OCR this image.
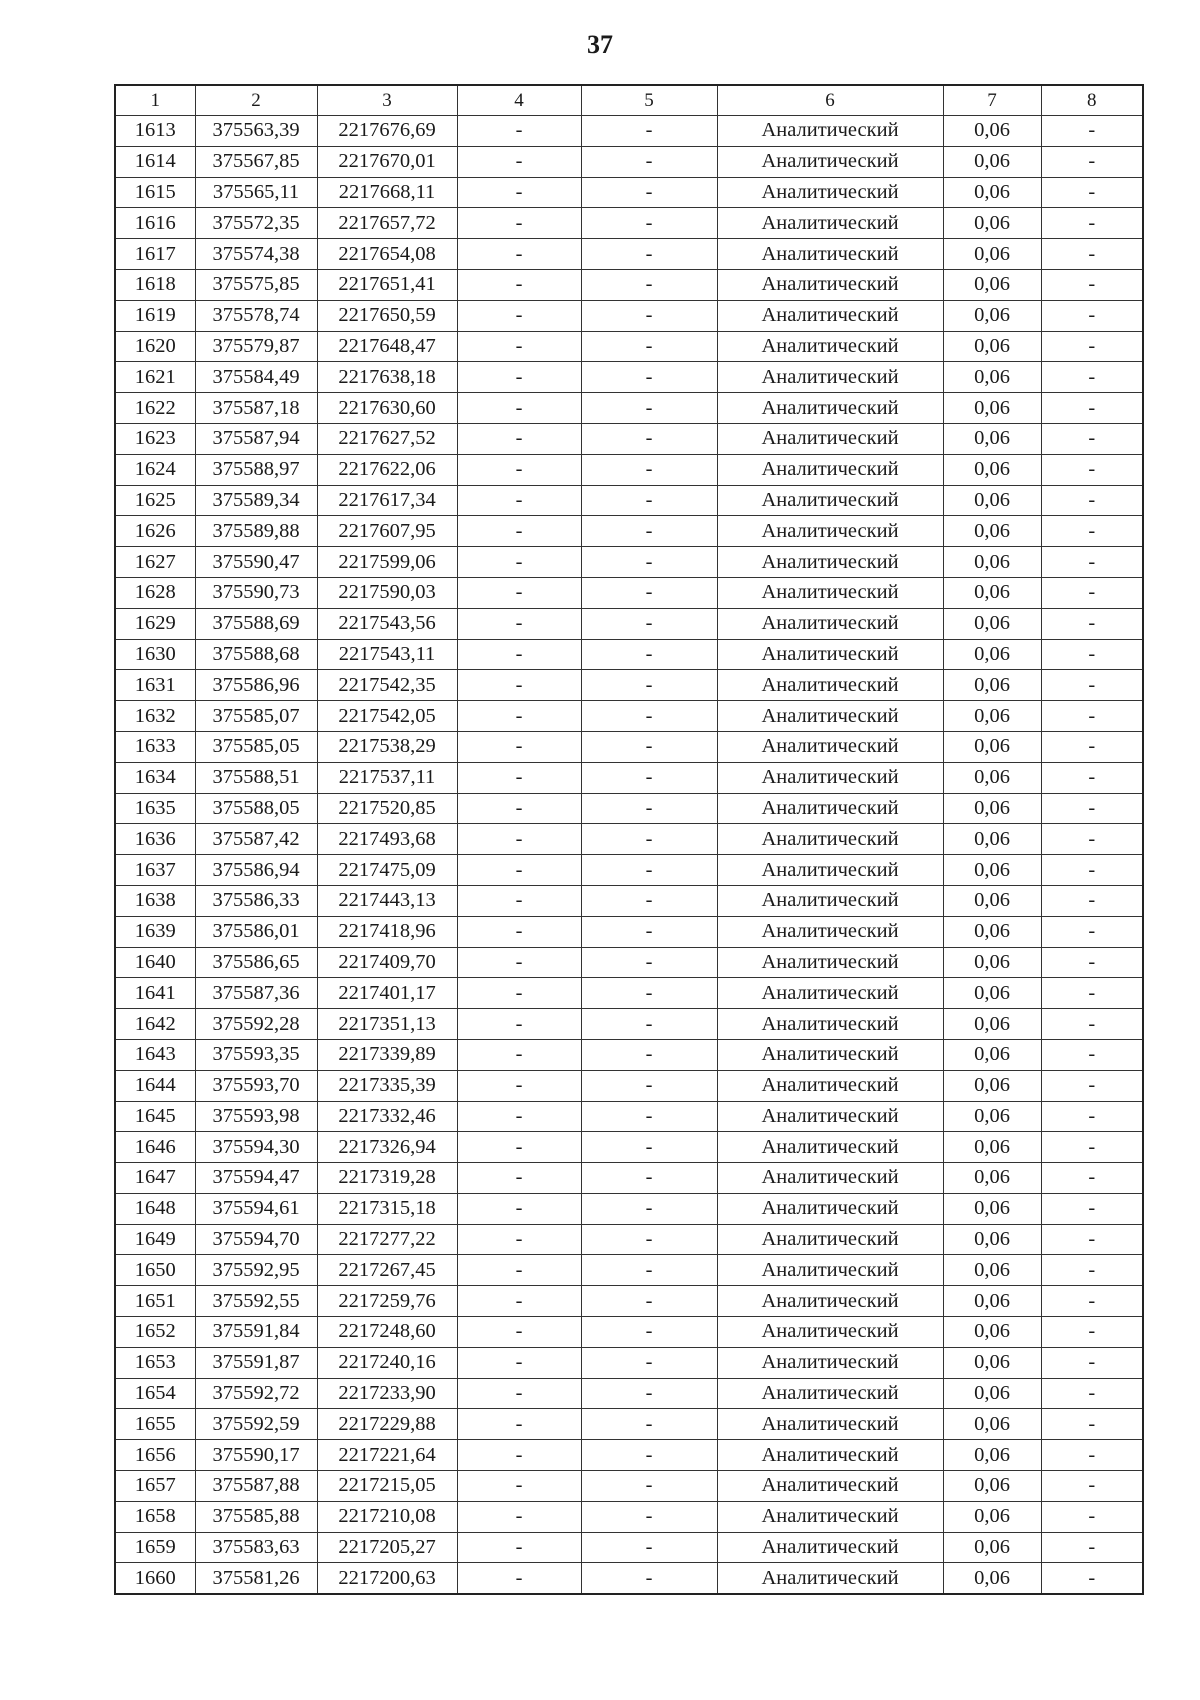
37
1	2	3	4	5	6	7	8
1613	375563,39	2217676,69	-	-	Аналитический	0,06	-
1614	375567,85	2217670,01	-	-	Аналитический	0,06	-
1615	375565,11	2217668,11	-	-	Аналитический	0,06	-
1616	375572,35	2217657,72	-	-	Аналитический	0,06	-
1617	375574,38	2217654,08	-	-	Аналитический	0,06	-
1618	375575,85	2217651,41	-	-	Аналитический	0,06	-
1619	375578,74	2217650,59	-	-	Аналитический	0,06	-
1620	375579,87	2217648,47	-	-	Аналитический	0,06	-
1621	375584,49	2217638,18	-	-	Аналитический	0,06	-
1622	375587,18	2217630,60	-	-	Аналитический	0,06	-
1623	375587,94	2217627,52	-	-	Аналитический	0,06	-
1624	375588,97	2217622,06	-	-	Аналитический	0,06	-
1625	375589,34	2217617,34	-	-	Аналитический	0,06	-
1626	375589,88	2217607,95	-	-	Аналитический	0,06	-
1627	375590,47	2217599,06	-	-	Аналитический	0,06	-
1628	375590,73	2217590,03	-	-	Аналитический	0,06	-
1629	375588,69	2217543,56	-	-	Аналитический	0,06	-
1630	375588,68	2217543,11	-	-	Аналитический	0,06	-
1631	375586,96	2217542,35	-	-	Аналитический	0,06	-
1632	375585,07	2217542,05	-	-	Аналитический	0,06	-
1633	375585,05	2217538,29	-	-	Аналитический	0,06	-
1634	375588,51	2217537,11	-	-	Аналитический	0,06	-
1635	375588,05	2217520,85	-	-	Аналитический	0,06	-
1636	375587,42	2217493,68	-	-	Аналитический	0,06	-
1637	375586,94	2217475,09	-	-	Аналитический	0,06	-
1638	375586,33	2217443,13	-	-	Аналитический	0,06	-
1639	375586,01	2217418,96	-	-	Аналитический	0,06	-
1640	375586,65	2217409,70	-	-	Аналитический	0,06	-
1641	375587,36	2217401,17	-	-	Аналитический	0,06	-
1642	375592,28	2217351,13	-	-	Аналитический	0,06	-
1643	375593,35	2217339,89	-	-	Аналитический	0,06	-
1644	375593,70	2217335,39	-	-	Аналитический	0,06	-
1645	375593,98	2217332,46	-	-	Аналитический	0,06	-
1646	375594,30	2217326,94	-	-	Аналитический	0,06	-
1647	375594,47	2217319,28	-	-	Аналитический	0,06	-
1648	375594,61	2217315,18	-	-	Аналитический	0,06	-
1649	375594,70	2217277,22	-	-	Аналитический	0,06	-
1650	375592,95	2217267,45	-	-	Аналитический	0,06	-
1651	375592,55	2217259,76	-	-	Аналитический	0,06	-
1652	375591,84	2217248,60	-	-	Аналитический	0,06	-
1653	375591,87	2217240,16	-	-	Аналитический	0,06	-
1654	375592,72	2217233,90	-	-	Аналитический	0,06	-
1655	375592,59	2217229,88	-	-	Аналитический	0,06	-
1656	375590,17	2217221,64	-	-	Аналитический	0,06	-
1657	375587,88	2217215,05	-	-	Аналитический	0,06	-
1658	375585,88	2217210,08	-	-	Аналитический	0,06	-
1659	375583,63	2217205,27	-	-	Аналитический	0,06	-
1660	375581,26	2217200,63	-	-	Аналитический	0,06	-
